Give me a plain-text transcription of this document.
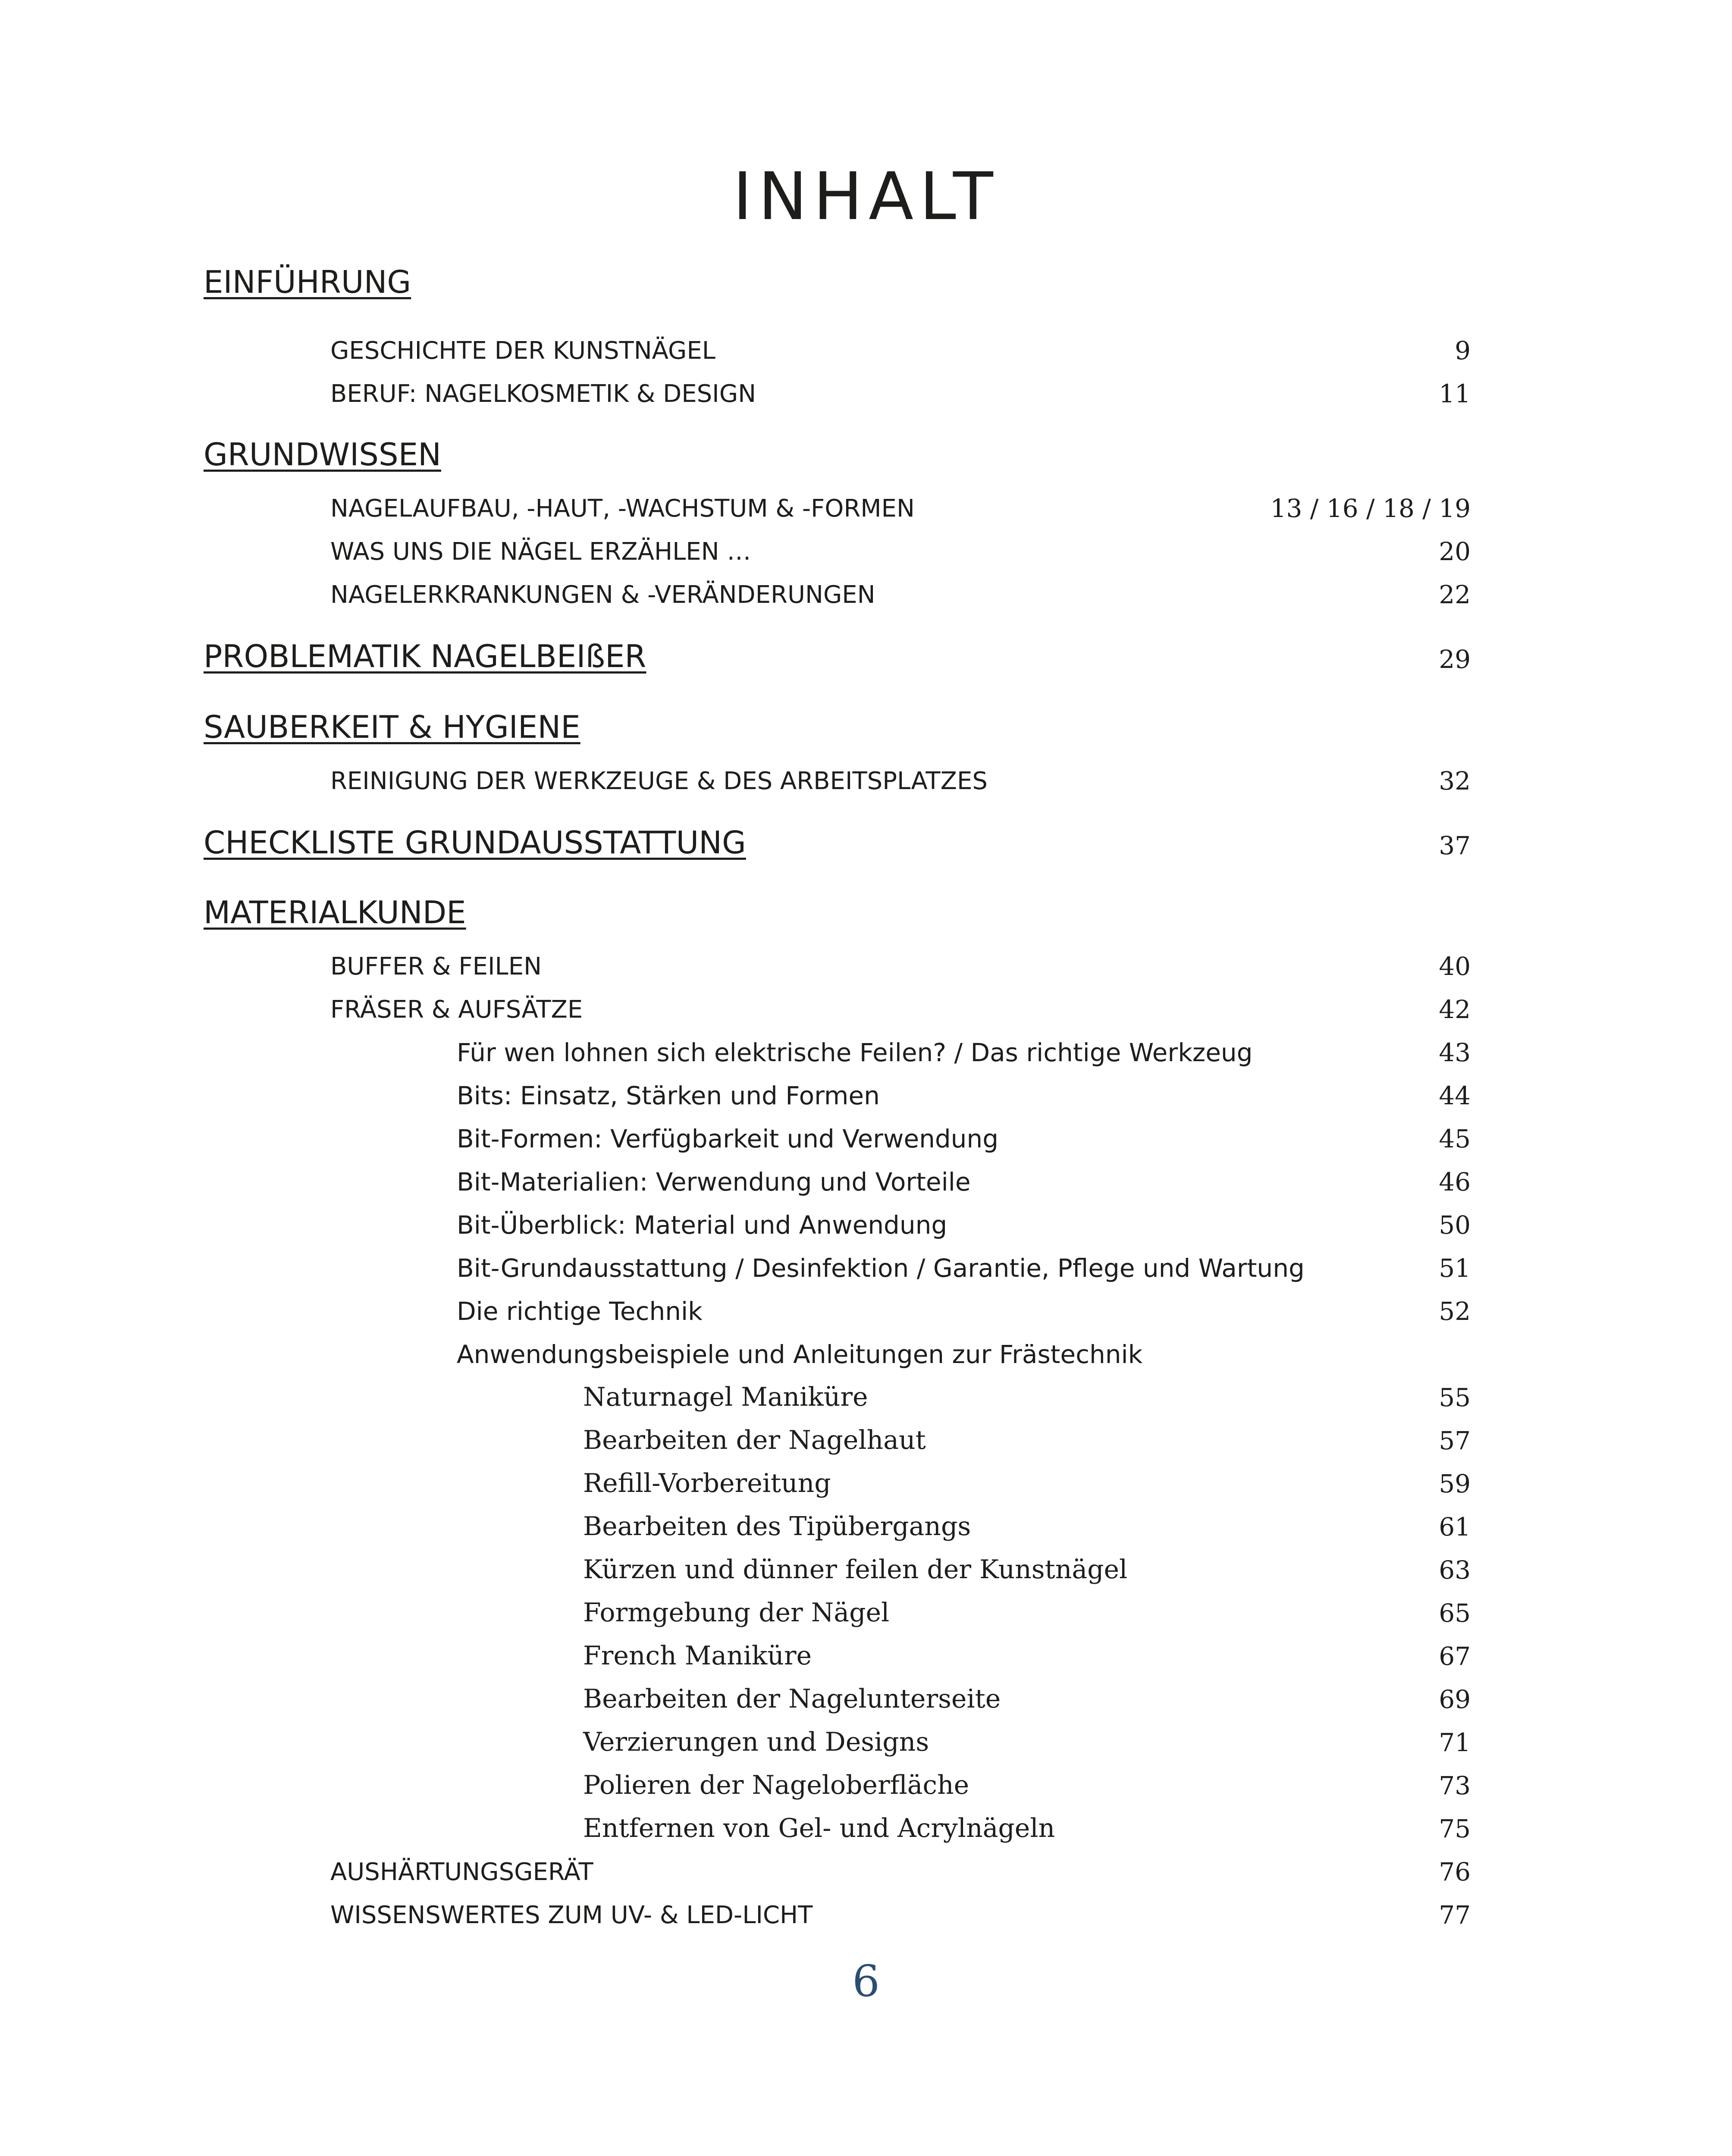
INHALT
EINFÜHRUNG
GESCHICHTE DER KUNSTNÄGEL	9
BERUF: NAGELKOSMETIK & DESIGN	11
GRUNDWISSEN
NAGELAUFBAU, -HAUT, -WACHSTUM & -FORMEN	13 / 16 / 18 / 19
WAS UNS DIE NÄGEL ERZÄHLEN …	20
NAGELERKRANKUNGEN & -VERÄNDERUNGEN	22
PROBLEMATIK NAGELBEIßER	29
SAUBERKEIT & HYGIENE
REINIGUNG DER WERKZEUGE & DES ARBEITSPLATZES	32
CHECKLISTE GRUNDAUSSTATTUNG	37
MATERIALKUNDE
BUFFER & FEILEN	40
FRÄSER & AUFSÄTZE	42
Für wen lohnen sich elektrische Feilen? / Das richtige Werkzeug	43
Bits: Einsatz, Stärken und Formen	44
Bit-Formen: Verfügbarkeit und Verwendung	45
Bit-Materialien: Verwendung und Vorteile	46
Bit-Überblick: Material und Anwendung	50
Bit-Grundausstattung / Desinfektion / Garantie, Pflege und Wartung	51
Die richtige Technik	52
Anwendungsbeispiele und Anleitungen zur Frästechnik
Naturnagel Maniküre	55
Bearbeiten der Nagelhaut	57
Refill-Vorbereitung	59
Bearbeiten des Tipübergangs	61
Kürzen und dünner feilen der Kunstnägel	63
Formgebung der Nägel	65
French Maniküre	67
Bearbeiten der Nagelunterseite	69
Verzierungen und Designs	71
Polieren der Nageloberfläche	73
Entfernen von Gel- und Acrylnägeln	75
AUSHÄRTUNGSGERÄT	76
WISSENSWERTES ZUM UV- & LED-LICHT	77
6
